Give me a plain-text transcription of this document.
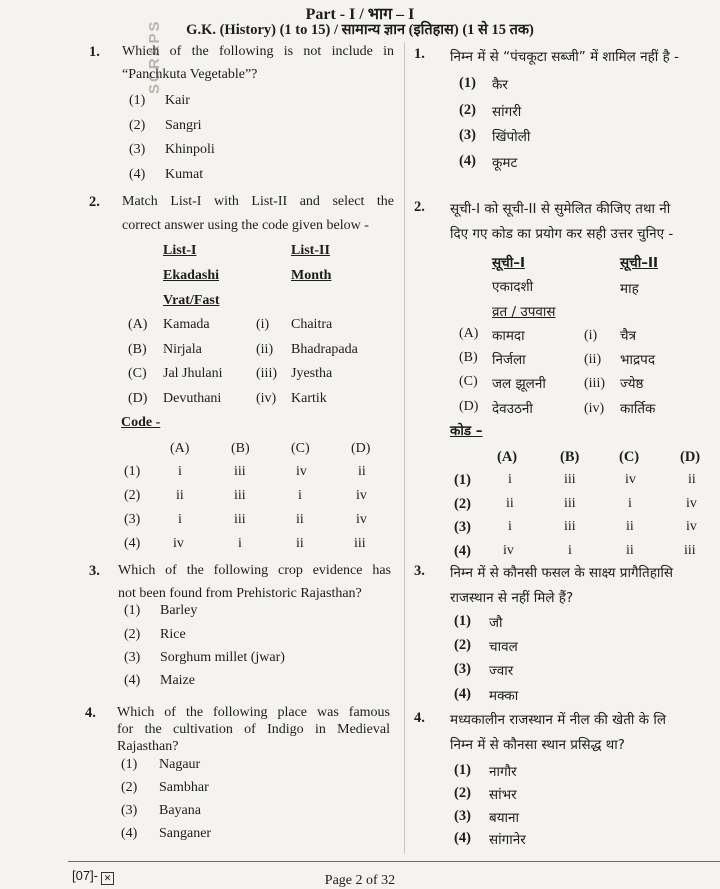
Part - I / भाग – I
G.K. (History) (1 to 15) / सामान्य ज्ञान (इतिहास) (1 से 15 तक)
SCRAPS
1. Which of the following is not include in
“Panchkuta Vegetable”?
(1) Kair
(2) Sangri
(3) Khinpoli
(4) Kumat
2. Match List-I with List-II and select the
correct answer using the code given below -
List-I
Ekadashi
Vrat/Fast
List-II
Month
(A) Kamada	(i) Chaitra
(B) Nirjala	(ii) Bhadrapada
(C) Jal Jhulani (iii) Jyestha
(D) Devuthani (iv) Kartik
Code -
(A)	(B)	(C)	(D)
(1)	i	iii	iv	ii
(2)	ii	iii	i	iv
(3)	i	iii	ii	iv
(4) iv	i	ii	iii
3. Which of the following crop evidence has
not been found from Prehistoric Rajasthan?
(1) Barley
(2) Rice
(3) Sorghum millet (jwar)
(4) Maize
4. Which of the following place was famous
for the cultivation of Indigo in Medieval
Rajasthan?
(1) Nagaur
(2) Sambhar
(3) Bayana
(4) Sanganer
1. निम्न में से “पंचकूटा सब्जी” में शामिल नहीं है -
(1) कैर
(2) सांगरी
(3) खिंपोली
(4) कूमट
2. सूची-I को सूची-II से सुमेलित कीजिए तथा नी
दिए गए कोड का प्रयोग कर सही उत्तर चुनिए -
सूची–I
एकादशी
व्रत / उपवास
सूची–II
माह
(A) कामदा	(i) चैत्र
(B) निर्जला	(ii) भाद्रपद
(C) जल झूलनी	(iii) ज्येष्ठ
(D) देवउठनी	(iv) कार्तिक
कोड –
(A)	(B)	(C)	(D)
(1)	i	iii	iv	ii
(2)	ii	iii	i	iv
(3)	i	iii	ii	iv
(4) iv	i	ii	iii
3. निम्न में से कौनसी फसल के साक्ष्य प्रागैतिहासि
राजस्थान से नहीं मिले हैं?
(1) जौ
(2) चावल
(3) ज्वार
(4) मक्का
4. मध्यकालीन राजस्थान में नील की खेती के लि
निम्न में से कौनसा स्थान प्रसिद्ध था?
(1) नागौर
(2) सांभर
(3) बयाना
(4) सांगानेर
[07]- ✕	Page 2 of 32
